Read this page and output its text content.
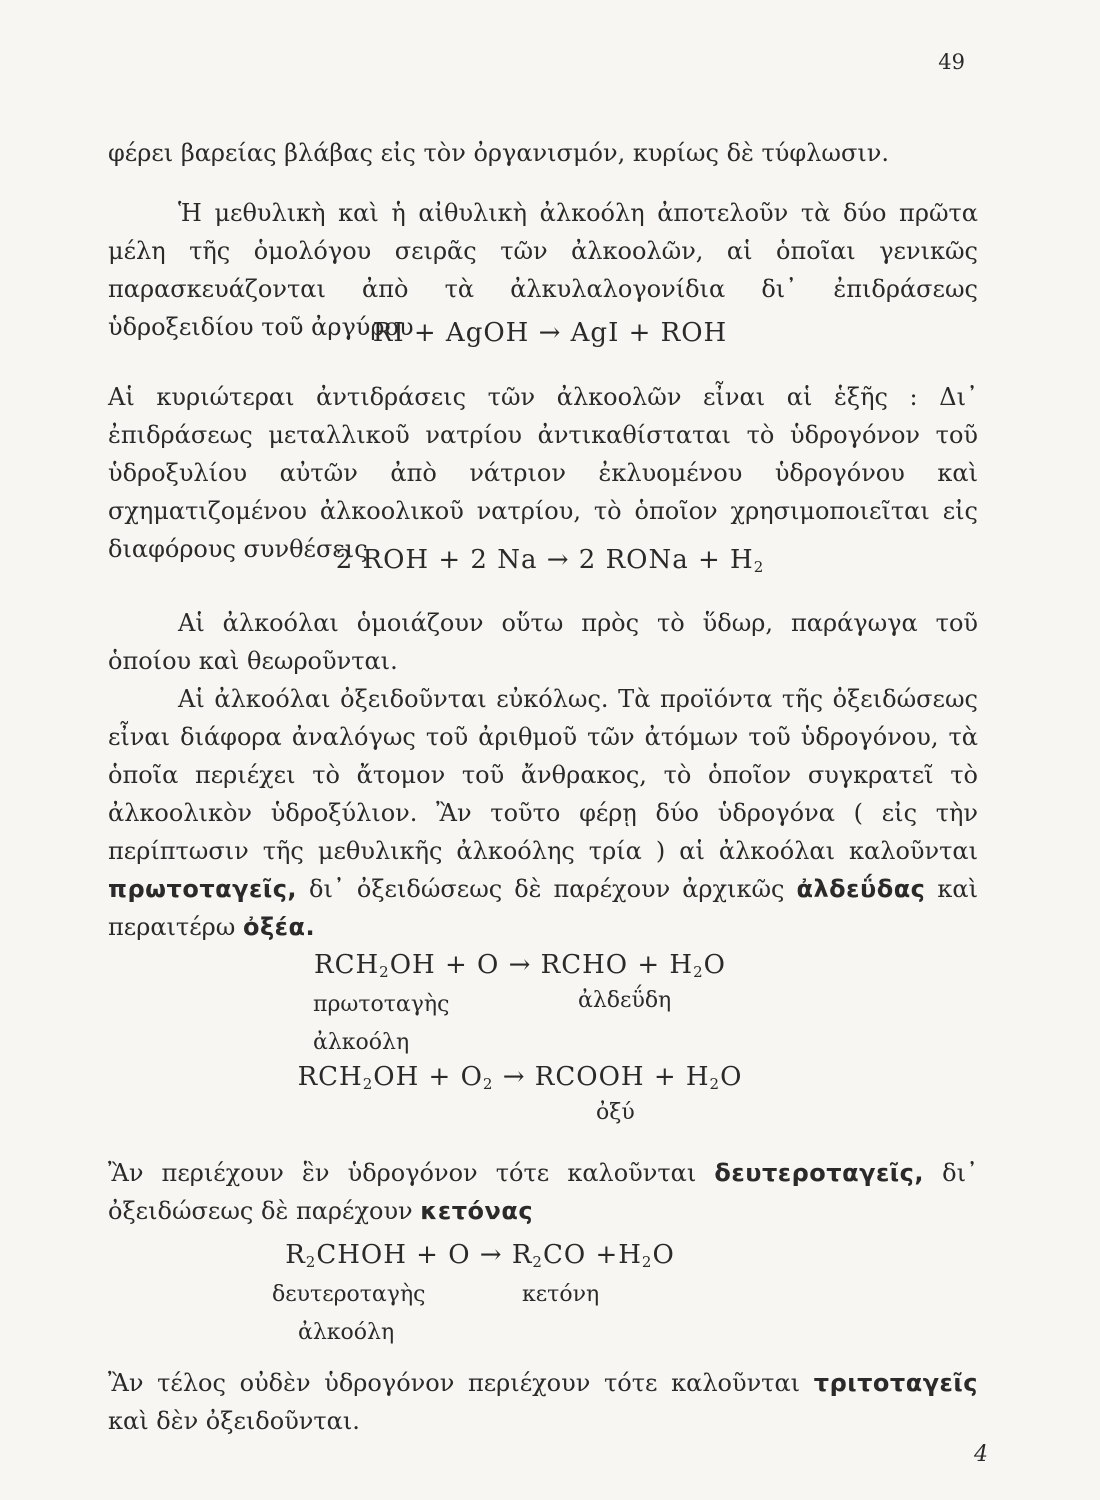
49

φέρει βαρείας βλάβας εἰς τὸν ὀργανισμόν, κυρίως δὲ τύφλωσιν.

Ἡ μεθυλικὴ καὶ ἡ αἰθυλικὴ ἀλκοόλη ἀποτελοῦν τὰ δύο πρῶτα μέλη τῆς ὁμολόγου σειρᾶς τῶν ἀλκοολῶν, αἱ ὁποῖαι γενικῶς παρασκευάζονται ἀπὸ τὰ ἀλκυλαλογονίδια δι᾽ ἐπιδράσεως ὑδροξειδίου τοῦ ἀργύρου

RI + AgOH → AgI + ROH

Αἱ κυριώτεραι ἀντιδράσεις τῶν ἀλκοολῶν εἶναι αἱ ἑξῆς : Δι᾽ ἐπιδράσεως μεταλλικοῦ νατρίου ἀντικαθίσταται τὸ ὑδρογόνον τοῦ ὑδροξυλίου αὐτῶν ἀπὸ νάτριον ἐκλυομένου ὑδρογόνου καὶ σχηματιζομένου ἀλκοολικοῦ νατρίου, τὸ ὁποῖον χρησιμοποιεῖται εἰς διαφόρους συνθέσεις

2 ROH + 2 Na → 2 RONa + $H_2$

Αἱ ἀλκοόλαι ὁμοιάζουν οὕτω πρὸς τὸ ὕδωρ, παράγωγα τοῦ ὁποίου καὶ θεωροῦνται.

Αἱ ἀλκοόλαι ὀξειδοῦνται εὐκόλως. Τὰ προϊόντα τῆς ὀξειδώσεως εἶναι διάφορα ἀναλόγως τοῦ ἀριθμοῦ τῶν ἀτόμων τοῦ ὑδρογόνου, τὰ ὁποῖα περιέχει τὸ ἄτομον τοῦ ἄνθρακος, τὸ ὁποῖον συγκρατεῖ τὸ ἀλκοολικὸν ὑδροξύλιον. Ἂν τοῦτο φέρῃ δύο ὑδρογόνα ( εἰς τὴν περίπτωσιν τῆς μεθυλικῆς ἀλκοόλης τρία ) αἱ ἀλκοόλαι καλοῦνται πρωτοταγεῖς, δι᾽ ὀξειδώσεως δὲ παρέχουν ἀρχικῶς ἀλδεΰδας καὶ περαιτέρω ὀξέα.

$RCH_2OH + O$ → RCHO + $H_2O$
πρωτοταγὴς	ἀλδεΰδη
ἀλκοόλη
$RCH_2OH + O_2$ → RCOOH + $H_2O$
ὀξύ

Ἂν περιέχουν ἓν ὑδρογόνον τότε καλοῦνται δευτεροταγεῖς, δι᾽ ὀξειδώσεως δὲ παρέχουν κετόνας

$R_2CHOH + O \to R_2CO +H_2O$
δευτεροταγὴς	κετόνη
ἀλκοόλη

Ἂν τέλος οὐδὲν ὑδρογόνον περιέχουν τότε καλοῦνται τριτοταγεῖς καὶ δὲν ὀξειδοῦνται.

4
